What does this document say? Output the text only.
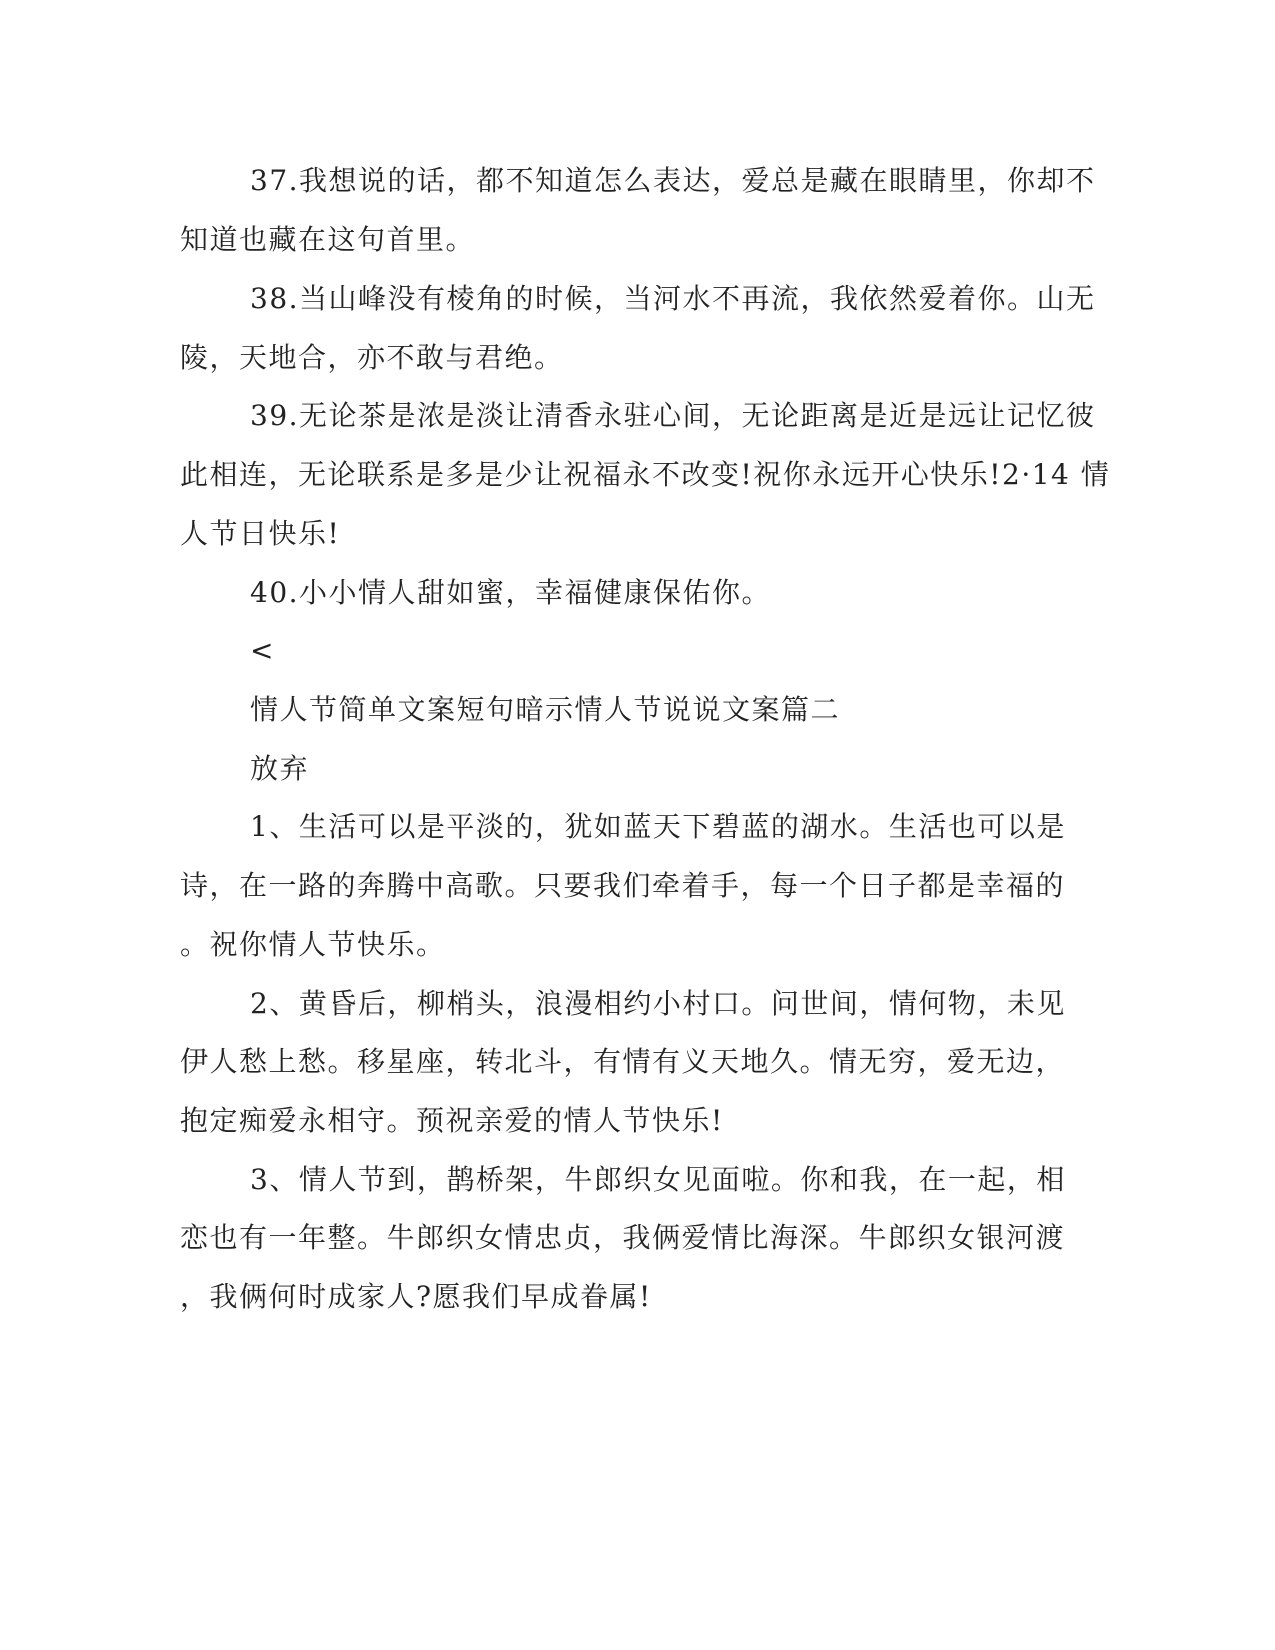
37.我想说的话，都不知道怎么表达，爱总是藏在眼睛里，你却不
知道也藏在这句首里。
38.当山峰没有棱角的时候，当河水不再流，我依然爱着你。山无
陵，天地合，亦不敢与君绝。
39.无论茶是浓是淡让清香永驻心间，无论距离是近是远让记忆彼
此相连，无论联系是多是少让祝福永不改变!祝你永远开心快乐!2·14 情
人节日快乐!
40.小小情人甜如蜜，幸福健康保佑你。
<
情人节简单文案短句暗示情人节说说文案篇二
放弃
1、生活可以是平淡的，犹如蓝天下碧蓝的湖水。生活也可以是
诗，在一路的奔腾中高歌。只要我们牵着手，每一个日子都是幸福的
。祝你情人节快乐。
2、黄昏后，柳梢头，浪漫相约小村口。问世间，情何物，未见
伊人愁上愁。移星座，转北斗，有情有义天地久。情无穷，爱无边，
抱定痴爱永相守。预祝亲爱的情人节快乐!
3、情人节到，鹊桥架，牛郎织女见面啦。你和我，在一起，相
恋也有一年整。牛郎织女情忠贞，我俩爱情比海深。牛郎织女银河渡
，我俩何时成家人?愿我们早成眷属!
